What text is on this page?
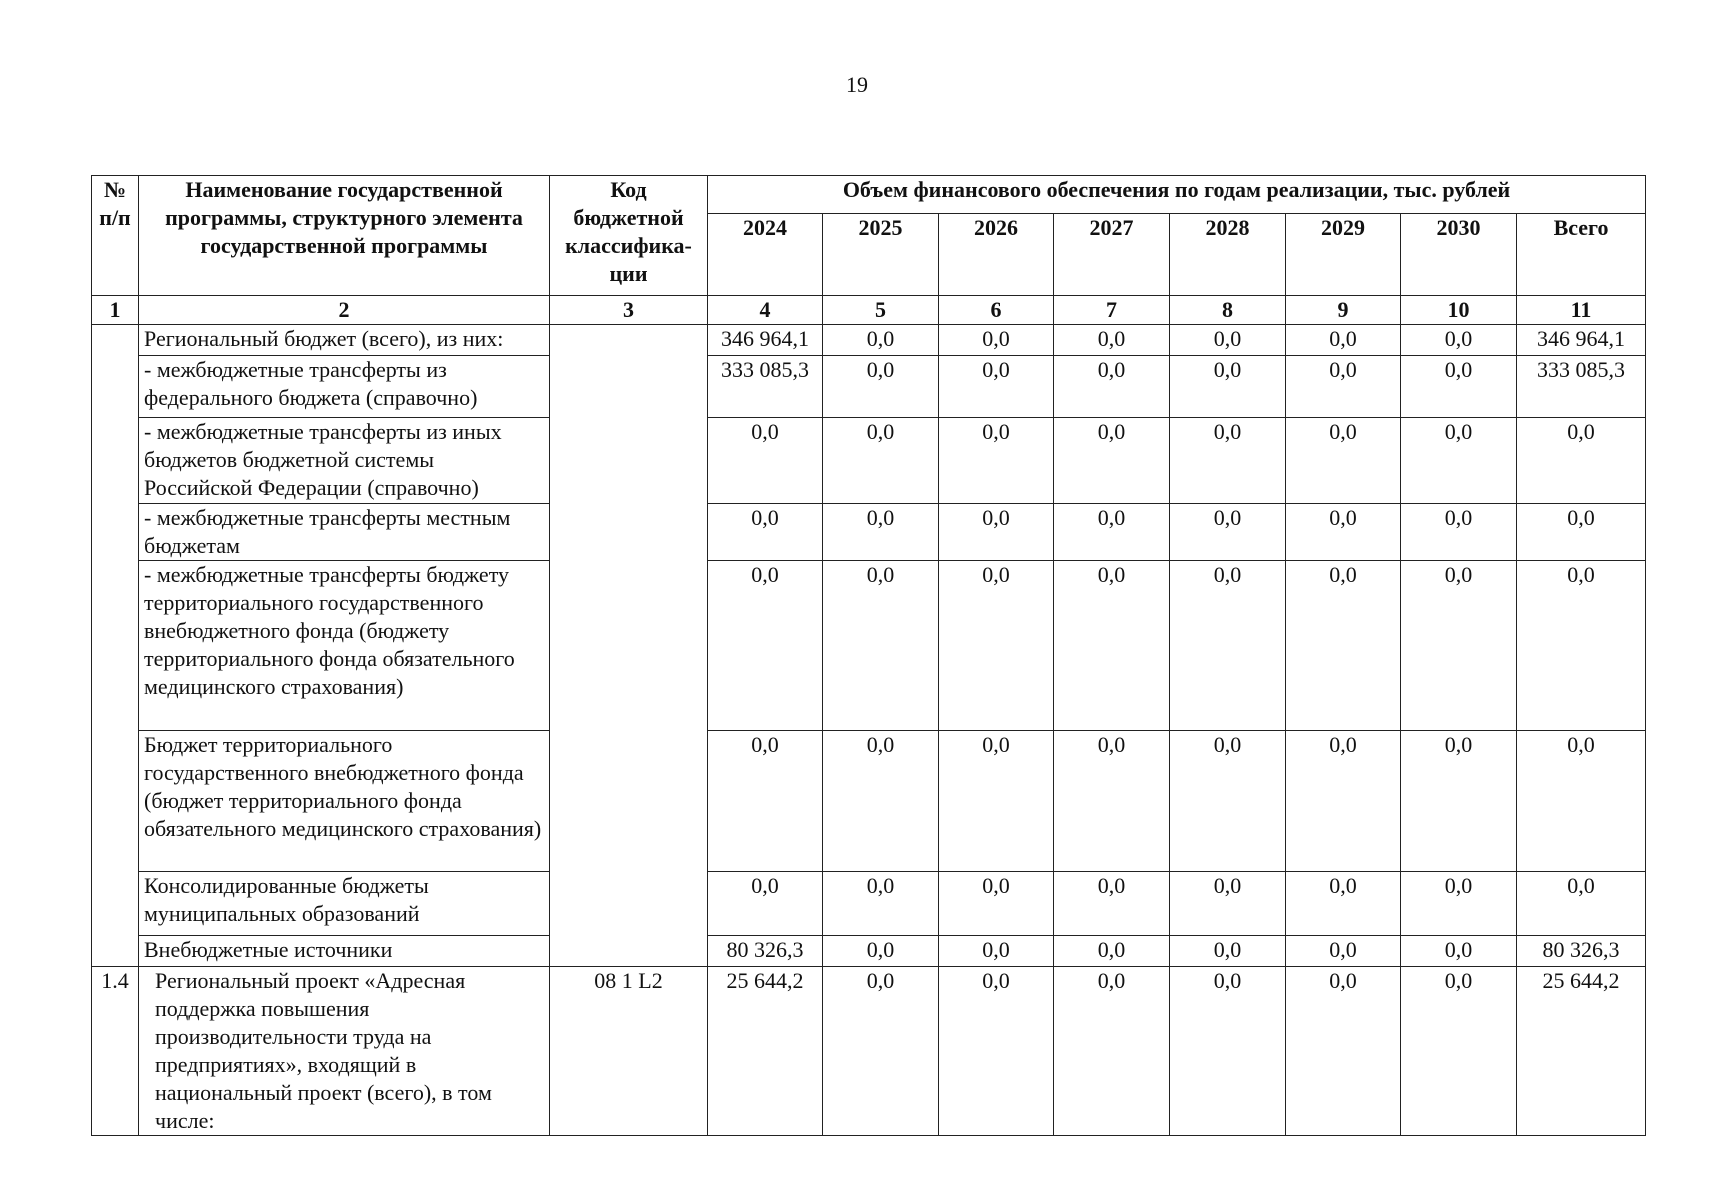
19
№ п/п	Наименование государственной программы, структурного элемента государственной программы	Код бюджетной классифика-ции	Объем финансового обеспечения по годам реализации, тыс. рублей							
			2024	2025	2026	2027	2028	2029	2030	Всего
1	2	3	4	5	6	7	8	9	10	11
	Региональный бюджет (всего), из них:		346 964,1	0,0	0,0	0,0	0,0	0,0	0,0	346 964,1
	- межбюджетные трансферты из федерального бюджета (справочно)		333 085,3	0,0	0,0	0,0	0,0	0,0	0,0	333 085,3
	- межбюджетные трансферты из иных бюджетов бюджетной системы Российской Федерации (справочно)		0,0	0,0	0,0	0,0	0,0	0,0	0,0	0,0
	- межбюджетные трансферты местным бюджетам		0,0	0,0	0,0	0,0	0,0	0,0	0,0	0,0
	- межбюджетные трансферты бюджету территориального государственного внебюджетного фонда (бюджету территориального фонда обязательного медицинского страхования)		0,0	0,0	0,0	0,0	0,0	0,0	0,0	0,0
	Бюджет территориального государственного внебюджетного фонда (бюджет территориального фонда обязательного медицинского страхования)		0,0	0,0	0,0	0,0	0,0	0,0	0,0	0,0
	Консолидированные бюджеты муниципальных образований		0,0	0,0	0,0	0,0	0,0	0,0	0,0	0,0
	Внебюджетные источники		80 326,3	0,0	0,0	0,0	0,0	0,0	0,0	80 326,3
1.4	Региональный проект «Адресная поддержка повышения производительности труда на предприятиях», входящий в национальный проект (всего), в том числе:	08 1 L2	25 644,2	0,0	0,0	0,0	0,0	0,0	0,0	25 644,2
